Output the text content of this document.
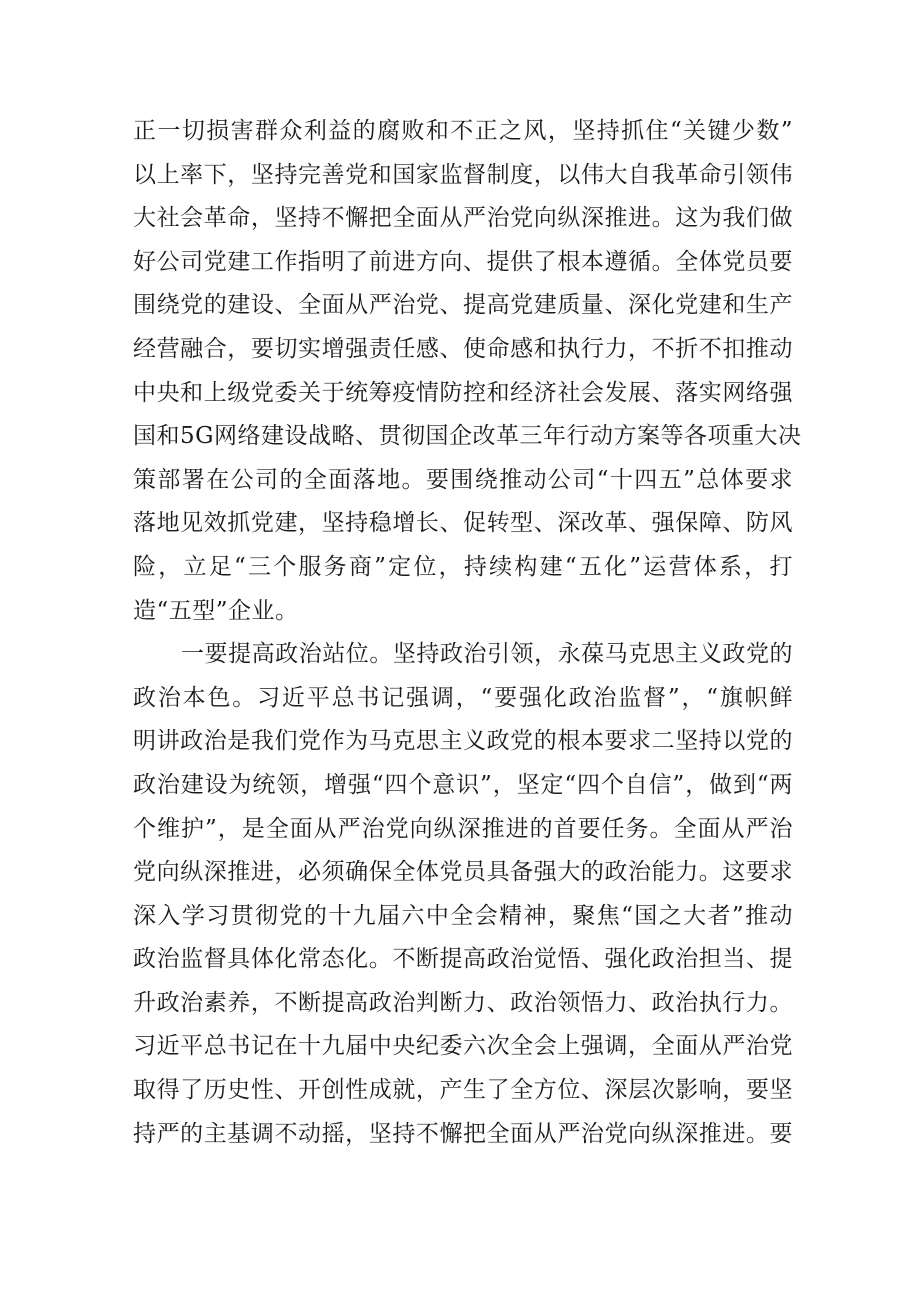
正一切损害群众利益的腐败和不正之风，坚持抓住“关键少数”
以上率下，坚持完善党和国家监督制度，以伟大自我革命引领伟
大社会革命，坚持不懈把全面从严治党向纵深推进。这为我们做
好公司党建工作指明了前进方向、提供了根本遵循。全体党员要
围绕党的建设、全面从严治党、提高党建质量、深化党建和生产
经营融合，要切实增强责任感、使命感和执行力，不折不扣推动
中央和上级党委关于统筹疫情防控和经济社会发展、落实网络强
国和5G网络建设战略、贯彻国企改革三年行动方案等各项重大决
策部署在公司的全面落地。要围绕推动公司“十四五”总体要求
落地见效抓党建，坚持稳增长、促转型、深改革、强保障、防风
险，立足“三个服务商”定位，持续构建“五化”运营体系，打
造“五型”企业。
一要提高政治站位。坚持政治引领，永葆马克思主义政党的
政治本色。习近平总书记强调，“要强化政治监督”，“旗帜鲜
明讲政治是我们党作为马克思主义政党的根本要求二坚持以党的
政治建设为统领，增强“四个意识”，坚定“四个自信”，做到“两
个维护”，是全面从严治党向纵深推进的首要任务。全面从严治
党向纵深推进，必须确保全体党员具备强大的政治能力。这要求
深入学习贯彻党的十九届六中全会精神，聚焦“国之大者”推动
政治监督具体化常态化。不断提高政治觉悟、强化政治担当、提
升政治素养，不断提高政治判断力、政治领悟力、政治执行力。
习近平总书记在十九届中央纪委六次全会上强调，全面从严治党
取得了历史性、开创性成就，产生了全方位、深层次影响，要坚
持严的主基调不动摇，坚持不懈把全面从严治党向纵深推进。要
